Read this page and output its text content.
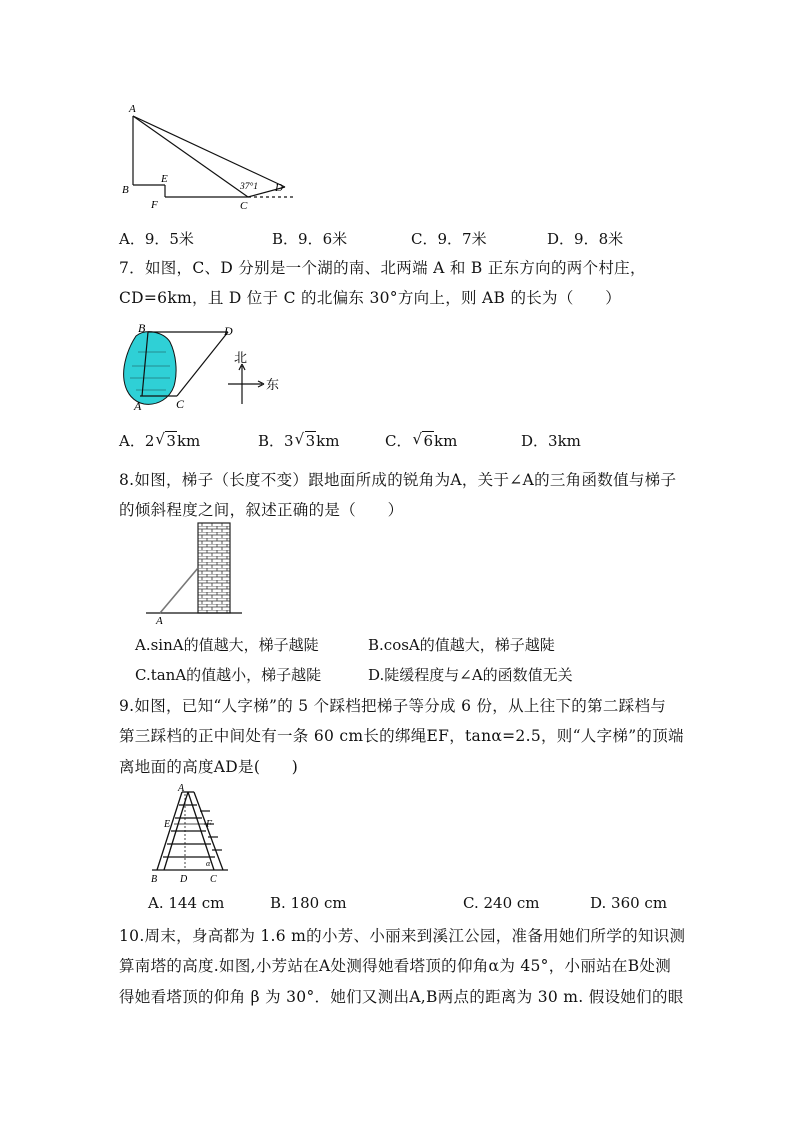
A
B
E
F	C
D
37°1
A．9．5米	B．9．6米	C．9．7米	D．9．8米
7．如图，C、D 分别是一个湖的南、北两端 A 和 B 正东方向的两个村庄，
CD=6km，且 D 位于 C 的北偏东 30°方向上，则 AB 的长为（　　）
B	D
A	C
北
东
A．2 √ 3km	B．3 √ 3km	C． √ 6km	D．3km
8.如图，梯子（长度不变）跟地面所成的锐角为A，关于∠A的三角函数值与梯子
的倾斜程度之间，叙述正确的是（　　）
A
A.sinA的值越大，梯子越陡	B.cosA的值越大，梯子越陡
C.tanA的值越小，梯子越陡	D.陡缓程度与∠A的函数值无关
9.如图，已知“人字梯”的 5 个踩档把梯子等分成 6 份，从上往下的第二踩档与
第三踩档的正中间处有一条 60 cm长的绑绳EF，tanα=2.5，则“人字梯”的顶端
离地面的高度AD是(　　)
A
E	F
B D C
α
A. 144 cm	B. 180 cm	C. 240 cm	D. 360 cm
10.周末，身高都为 1.6 m的小芳、小丽来到溪江公园，准备用她们所学的知识测
算南塔的高度.如图,小芳站在A处测得她看塔顶的仰角α为 45°，小丽站在B处测
得她看塔顶的仰角 β 为 30°．她们又测出A,B两点的距离为 30 m. 假设她们的眼
